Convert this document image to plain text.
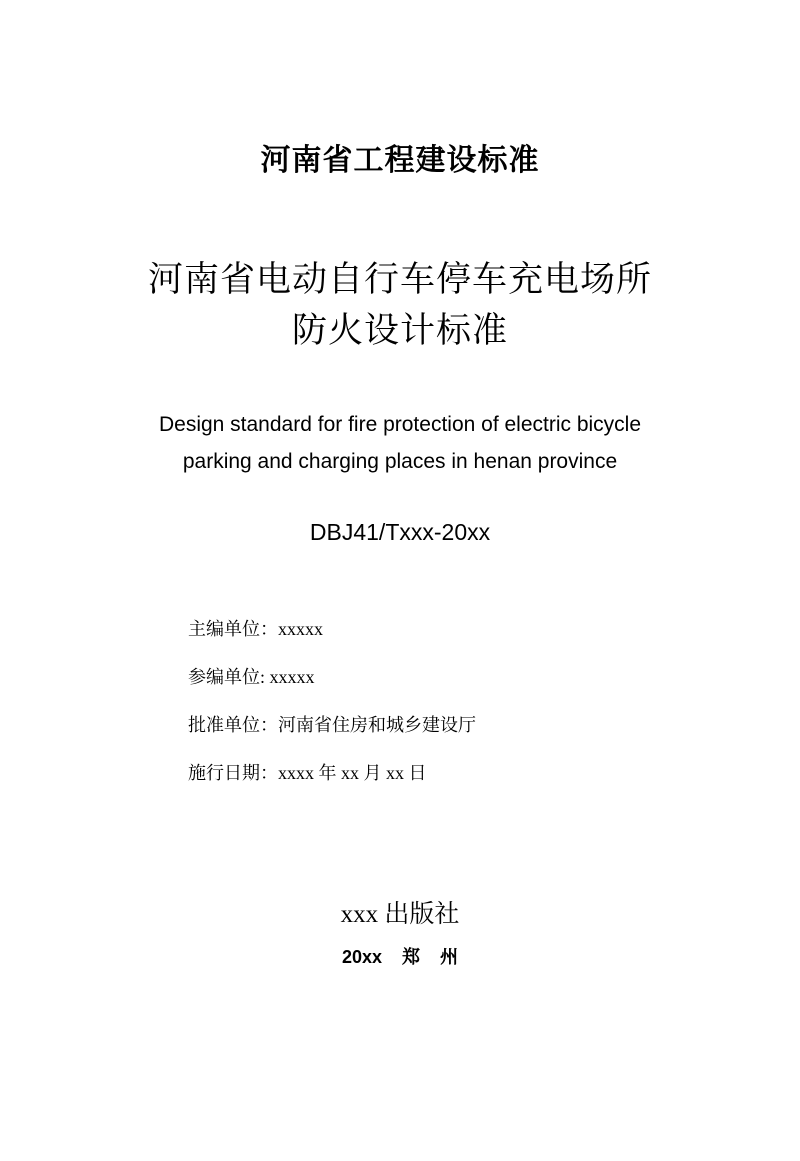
河南省工程建设标准
河南省电动自行车停车充电场所
防火设计标准
Design standard for fire protection of electric bicycle
parking and charging places in henan province
DBJ41/Txxx-20xx
主编单位：xxxxx
参编单位: xxxxx
批准单位：河南省住房和城乡建设厅
施行日期：xxxx 年 xx 月 xx 日
xxx 出版社
20xx    郑    州
